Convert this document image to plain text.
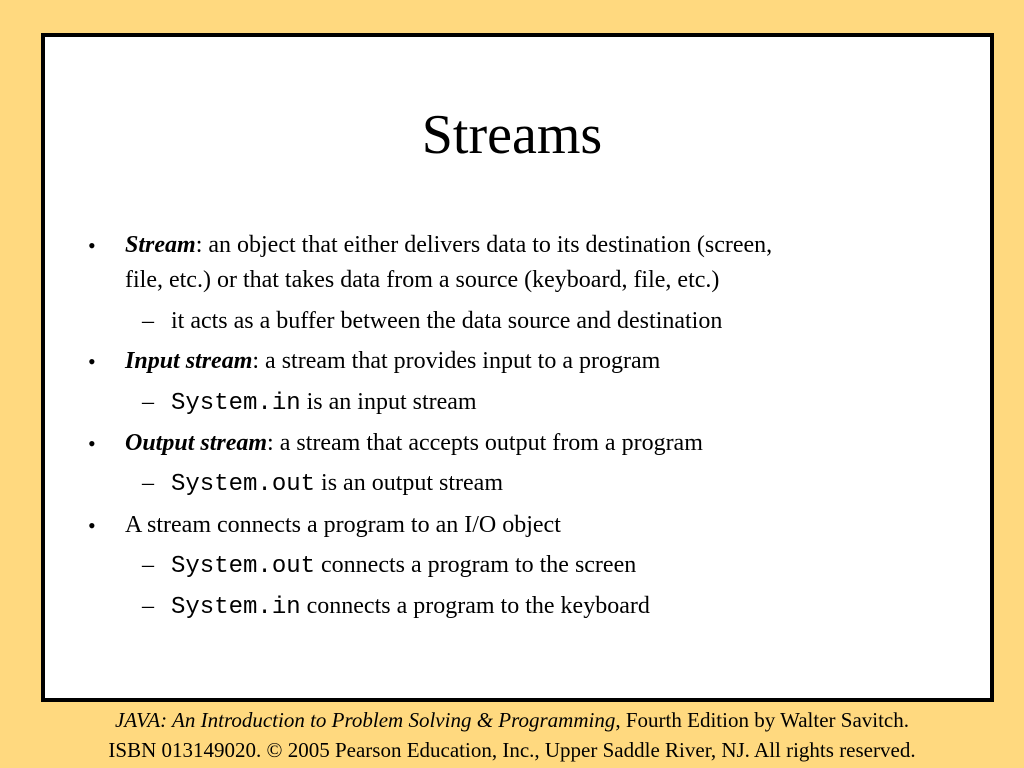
Streams
• Stream: an object that either delivers data to its destination (screen,
file, etc.) or that takes data from a source (keyboard, file, etc.)
– it acts as a buffer between the data source and destination
• Input stream: a stream that provides input to a program
– System.in is an input stream
• Output stream: a stream that accepts output from a program
– System.out is an output stream
• A stream connects a program to an I/O object
– System.out connects a program to the screen
– System.in connects a program to the keyboard
JAVA: An Introduction to Problem Solving & Programming, Fourth Edition by Walter Savitch.
ISBN 013149020. © 2005 Pearson Education, Inc., Upper Saddle River, NJ. All rights reserved.
